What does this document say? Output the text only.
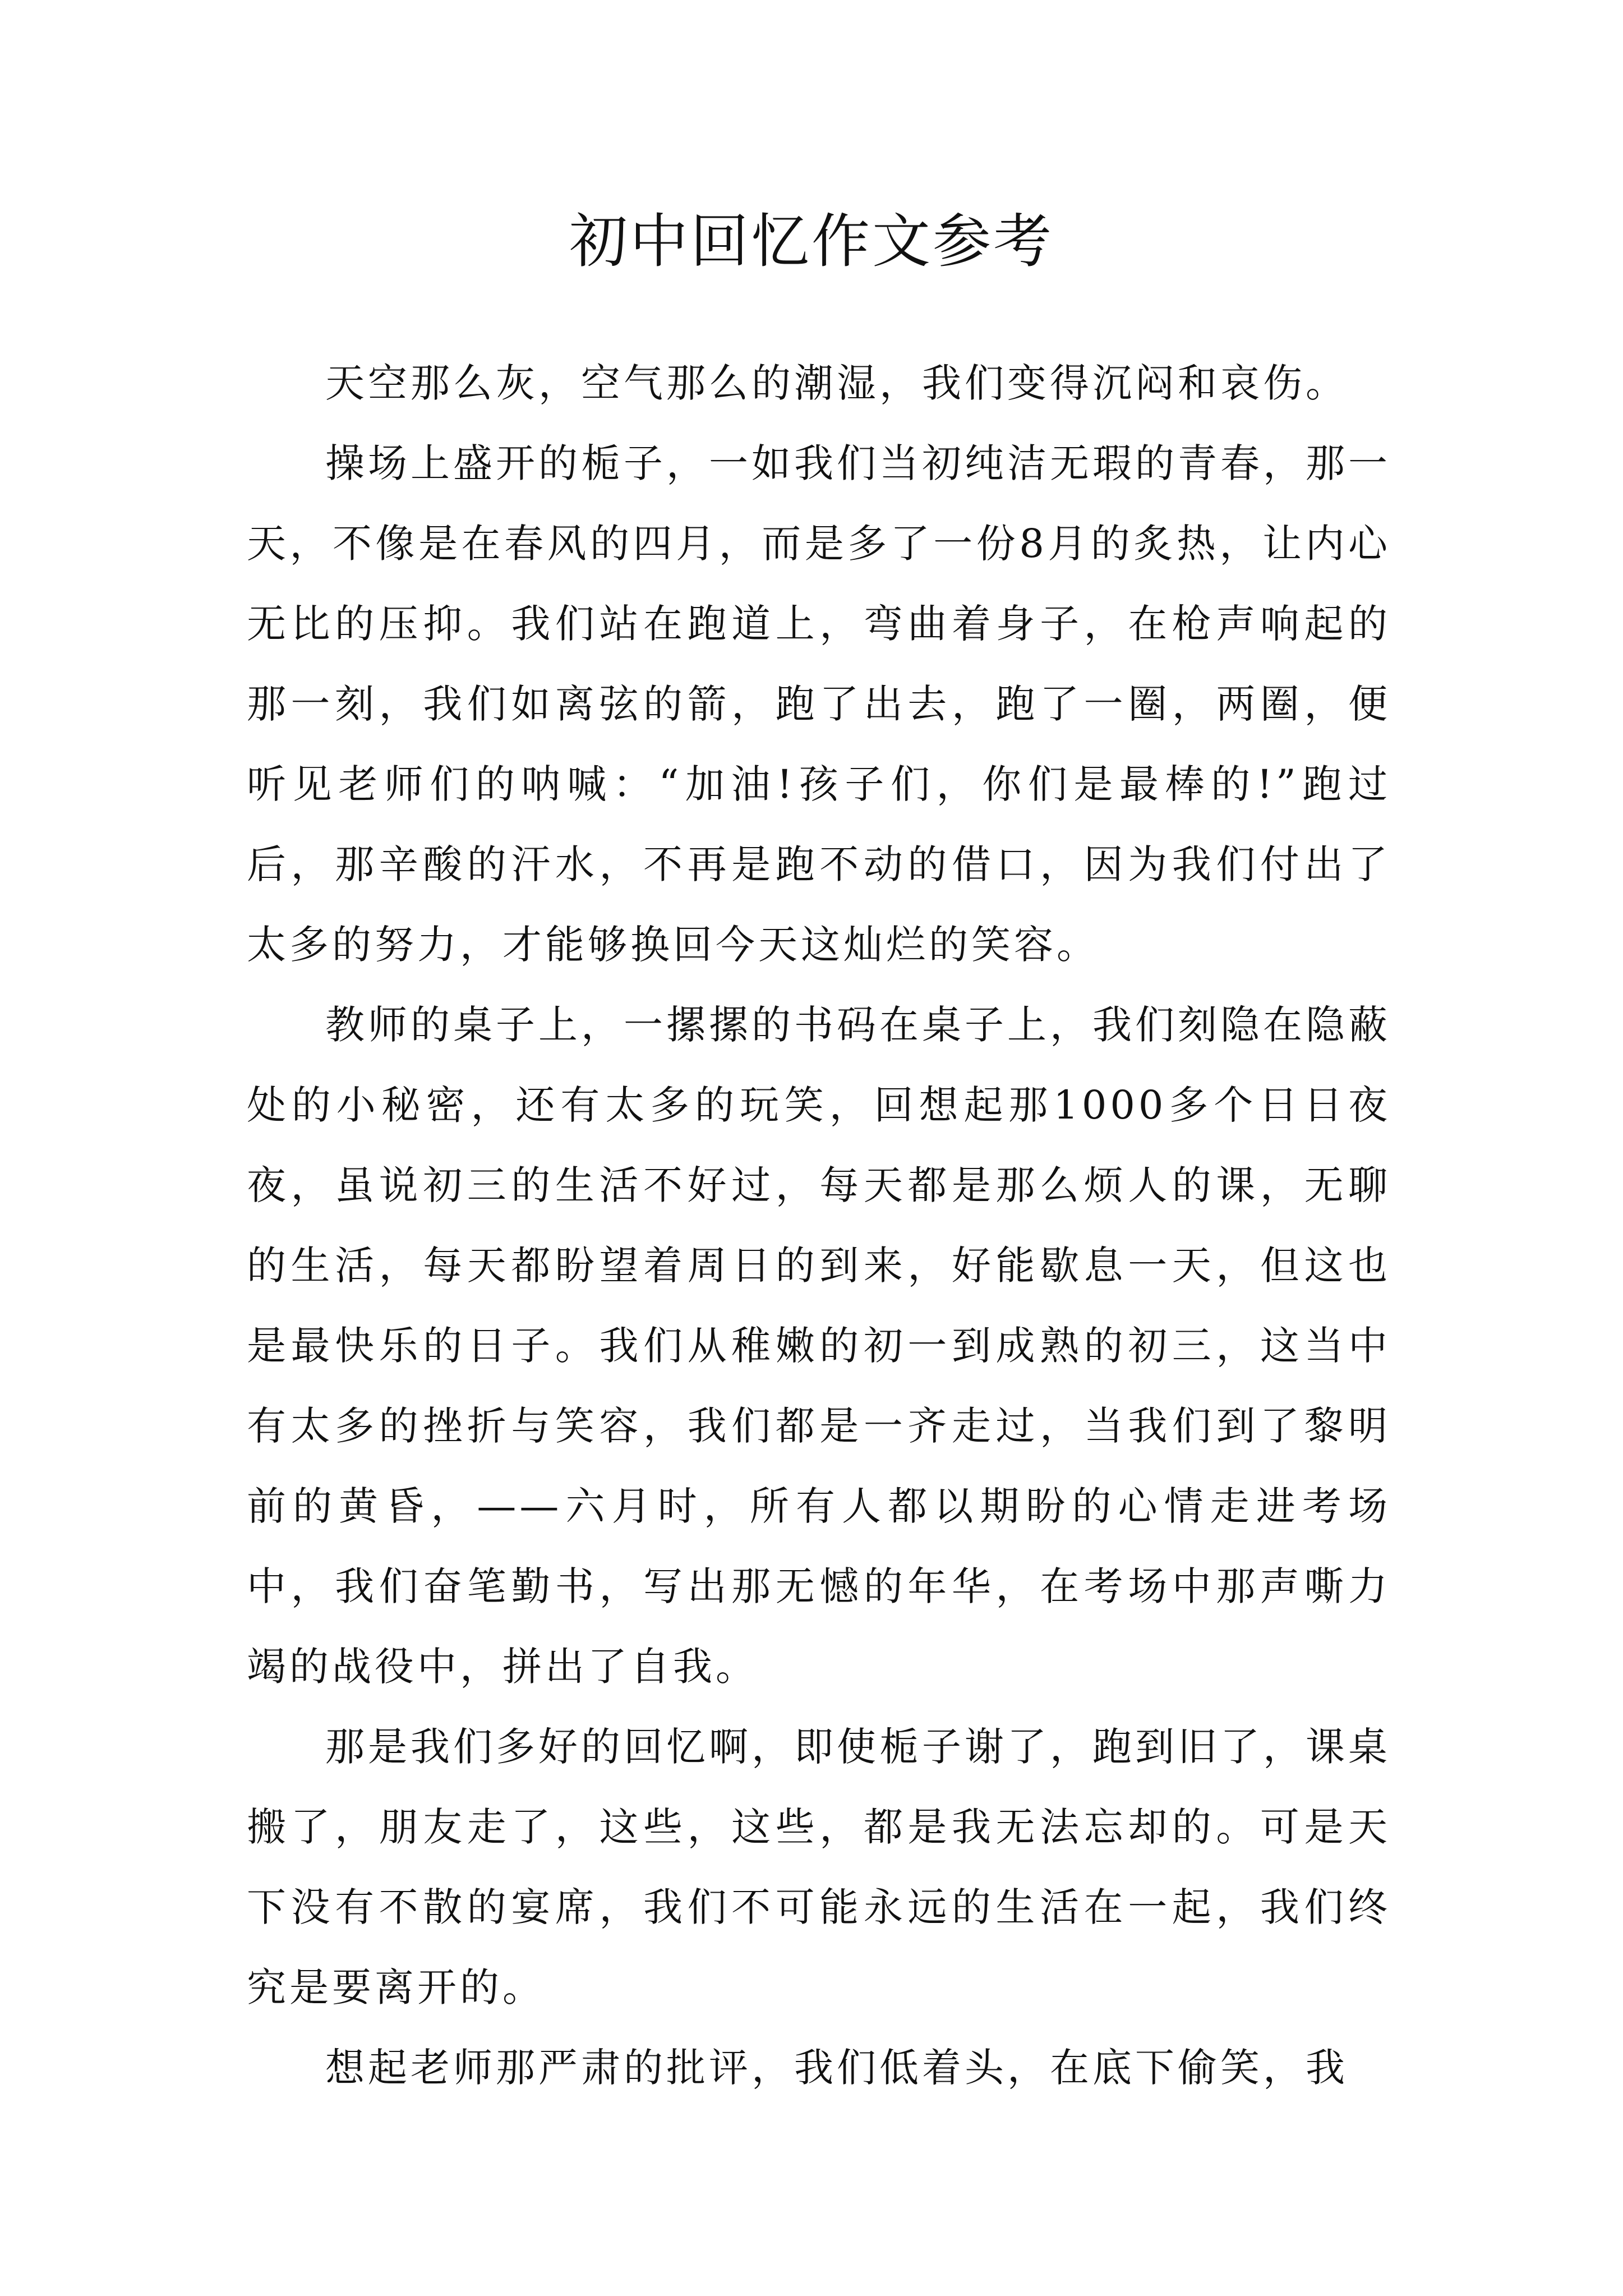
初中回忆作文参考

天空那么灰，空气那么的潮湿，我们变得沉闷和哀伤。

操场上盛开的栀子，一如我们当初纯洁无瑕的青春，那一天，不像是在春风的四月，而是多了一份8月的炙热，让内心无比的压抑。我们站在跑道上，弯曲着身子，在枪声响起的那一刻，我们如离弦的箭，跑了出去，跑了一圈，两圈，便听见老师们的呐喊：“加油!孩子们，你们是最棒的!”跑过后，那辛酸的汗水，不再是跑不动的借口，因为我们付出了太多的努力，才能够换回今天这灿烂的笑容。

教师的桌子上，一摞摞的书码在桌子上，我们刻隐在隐蔽处的小秘密，还有太多的玩笑，回想起那1000多个日日夜夜，虽说初三的生活不好过，每天都是那么烦人的课，无聊的生活，每天都盼望着周日的到来，好能歇息一天，但这也是最快乐的日子。我们从稚嫩的初一到成熟的初三，这当中有太多的挫折与笑容，我们都是一齐走过，当我们到了黎明前的黄昏，——六月时，所有人都以期盼的心情走进考场中，我们奋笔勤书，写出那无憾的年华，在考场中那声嘶力竭的战役中，拼出了自我。

那是我们多好的回忆啊，即使栀子谢了，跑到旧了，课桌搬了，朋友走了，这些，这些，都是我无法忘却的。可是天下没有不散的宴席，我们不可能永远的生活在一起，我们终究是要离开的。

想起老师那严肃的批评，我们低着头，在底下偷笑，我
